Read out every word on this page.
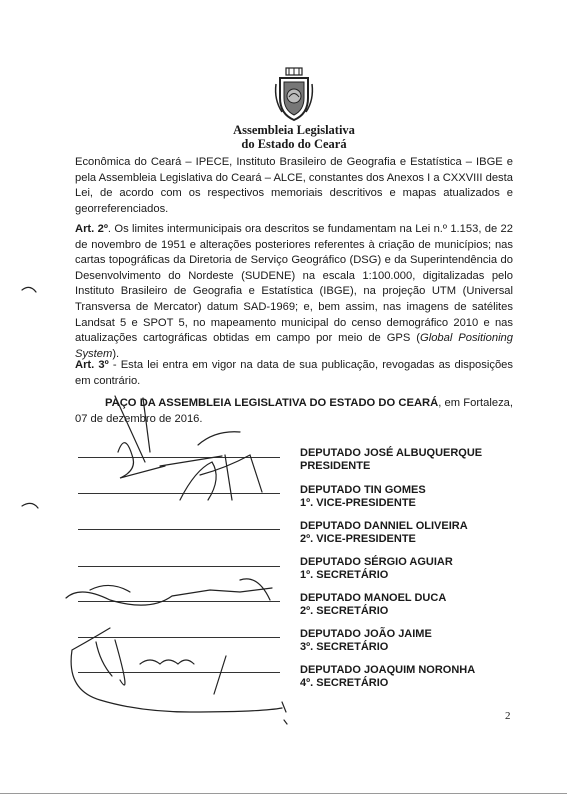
Assembleia Legislativa
do Estado do Ceará
Econômica do Ceará – IPECE, Instituto Brasileiro de Geografia e Estatística – IBGE e pela Assembleia Legislativa do Ceará – ALCE, constantes dos Anexos I a CXXVIII desta Lei, de acordo com os respectivos memoriais descritivos e mapas atualizados e georreferenciados.
Art. 2º. Os limites intermunicipais ora descritos se fundamentam na Lei n.º 1.153, de 22 de novembro de 1951 e alterações posteriores referentes à criação de municípios; nas cartas topográficas da Diretoria de Serviço Geográfico (DSG) e da Superintendência do Desenvolvimento do Nordeste (SUDENE) na escala 1:100.000, digitalizadas pelo Instituto Brasileiro de Geografia e Estatística (IBGE), na projeção UTM (Universal Transversa de Mercator) datum SAD-1969; e, bem assim, nas imagens de satélites Landsat 5 e SPOT 5, no mapeamento municipal do censo demográfico 2010 e nas atualizações cartográficas obtidas em campo por meio de GPS (Global Positioning System).
Art. 3º - Esta lei entra em vigor na data de sua publicação, revogadas as disposições em contrário.
PAÇO DA ASSEMBLEIA LEGISLATIVA DO ESTADO DO CEARÁ, em Fortaleza, 07 de dezembro de 2016.
DEPUTADO JOSÉ ALBUQUERQUE
PRESIDENTE
DEPUTADO TIN GOMES
1º. VICE-PRESIDENTE
DEPUTADO DANNIEL OLIVEIRA
2º. VICE-PRESIDENTE
DEPUTADO SÉRGIO AGUIAR
1º. SECRETÁRIO
DEPUTADO MANOEL DUCA
2º. SECRETÁRIO
DEPUTADO JOÃO JAIME
3º. SECRETÁRIO
DEPUTADO JOAQUIM NORONHA
4º. SECRETÁRIO
2
